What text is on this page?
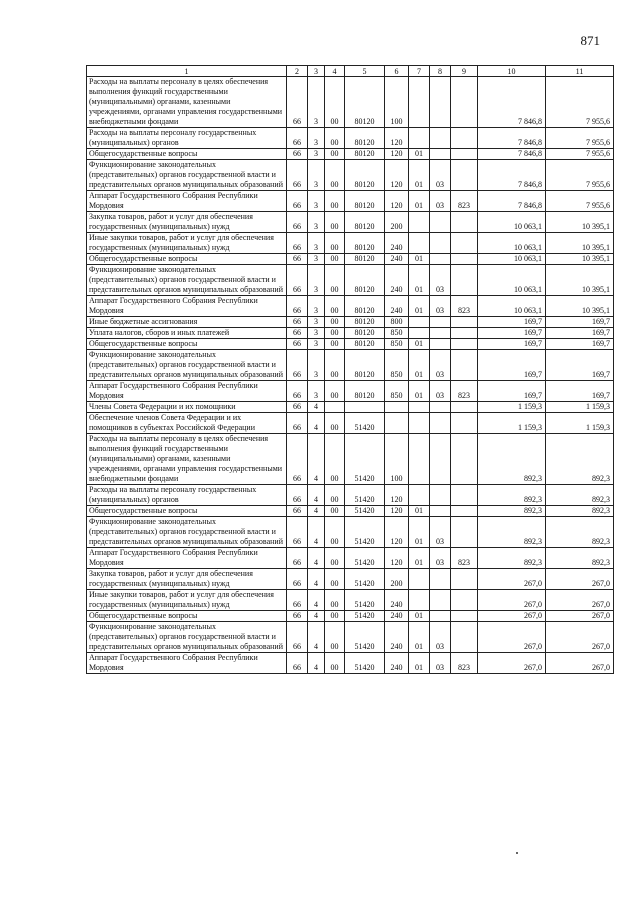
871
1	2	3	4	5	6	7	8	9	10	11
Расходы на выплаты персоналу в целях обеспечения выполнения функций государственными (муниципальными) органами, казенными учреждениями, органами управления государственными внебюджетными фондами	66	3	00	80120	100				7 846,8	7 955,6
Расходы на выплаты персоналу государственных (муниципальных) органов	66	3	00	80120	120				7 846,8	7 955,6
Общегосударственные вопросы	66	3	00	80120	120	01			7 846,8	7 955,6
Функционирование законодательных (представительных) органов государственной власти и представительных органов муниципальных образований	66	3	00	80120	120	01	03		7 846,8	7 955,6
Аппарат Государственного Собрания Республики Мордовия	66	3	00	80120	120	01	03	823	7 846,8	7 955,6
Закупка товаров, работ и услуг для обеспечения государственных (муниципальных) нужд	66	3	00	80120	200				10 063,1	10 395,1
Иные закупки товаров, работ и услуг для обеспечения государственных (муниципальных) нужд	66	3	00	80120	240				10 063,1	10 395,1
Общегосударственные вопросы	66	3	00	80120	240	01			10 063,1	10 395,1
Функционирование законодательных (представительных) органов государственной власти и представительных органов муниципальных образований	66	3	00	80120	240	01	03		10 063,1	10 395,1
Аппарат Государственного Собрания Республики Мордовия	66	3	00	80120	240	01	03	823	10 063,1	10 395,1
Иные бюджетные ассигнования	66	3	00	80120	800				169,7	169,7
Уплата налогов, сборов и иных платежей	66	3	00	80120	850				169,7	169,7
Общегосударственные вопросы	66	3	00	80120	850	01			169,7	169,7
Функционирование законодательных (представительных) органов государственной власти и представительных органов муниципальных образований	66	3	00	80120	850	01	03		169,7	169,7
Аппарат Государственного Собрания Республики Мордовия	66	3	00	80120	850	01	03	823	169,7	169,7
Члены Совета Федерации и их помощники	66	4							1 159,3	1 159,3
Обеспечение членов Совета Федерации и их помощников в субъектах Российской Федерации	66	4	00	51420					1 159,3	1 159,3
Расходы на выплаты персоналу в целях обеспечения выполнения функций государственными (муниципальными) органами, казенными учреждениями, органами управления государственными внебюджетными фондами	66	4	00	51420	100				892,3	892,3
Расходы на выплаты персоналу государственных (муниципальных) органов	66	4	00	51420	120				892,3	892,3
Общегосударственные вопросы	66	4	00	51420	120	01			892,3	892,3
Функционирование законодательных (представительных) органов государственной власти и представительных органов муниципальных образований	66	4	00	51420	120	01	03		892,3	892,3
Аппарат Государственного Собрания Республики Мордовия	66	4	00	51420	120	01	03	823	892,3	892,3
Закупка товаров, работ и услуг для обеспечения государственных (муниципальных) нужд	66	4	00	51420	200				267,0	267,0
Иные закупки товаров, работ и услуг для обеспечения государственных (муниципальных) нужд	66	4	00	51420	240				267,0	267,0
Общегосударственные вопросы	66	4	00	51420	240	01			267,0	267,0
Функционирование законодательных (представительных) органов государственной власти и представительных органов муниципальных образований	66	4	00	51420	240	01	03		267,0	267,0
Аппарат Государственного Собрания Республики Мордовия	66	4	00	51420	240	01	03	823	267,0	267,0
